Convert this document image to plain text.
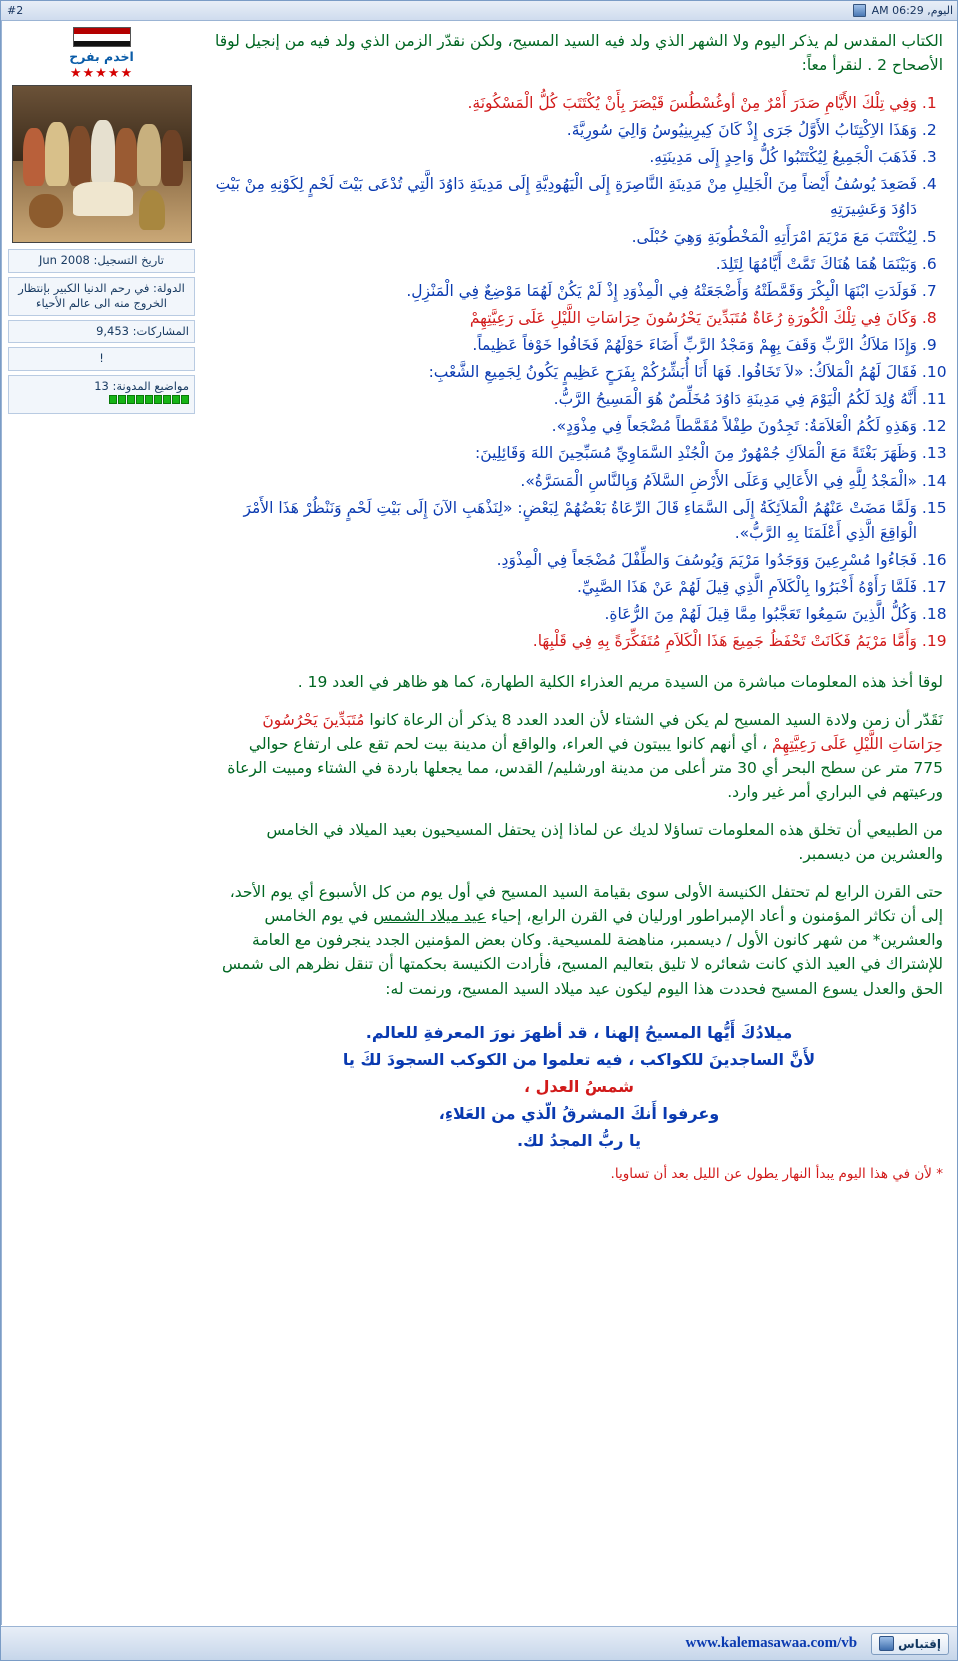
#2	اليوم, 06:29 AM
اخدم بفرح
★★★★★
تاريخ التسجيل: Jun 2008
الدولة: في رحم الدنيا الكبير بإنتظار الخروج منه الى عالم الأحياء
المشاركات: 9,453
!
مواضيع المدونة: 13

الكتاب المقدس لم يذكر اليوم ولا الشهر الذي ولد فيه السيد المسيح، ولكن نقدّر الزمن الذي ولد فيه من إنجيل لوقا الأصحاح 2 . لنقرأ معاً:

1. وَفِي تِلْكَ الأَيَّامِ صَدَرَ أَمْرٌ مِنْ أوغُسْطُسَ قَيْصَرَ بِأَنْ يُكْتَتَبَ كُلُّ الْمَسْكُونَةِ.
2. وَهَذَا الاِكْتِتَابُ الأَوَّلُ جَرَى إِذْ كَانَ كِيرِينِيُوسُ وَالِيَ سُورِيَّةَ.
3. فَذَهَبَ الْجَمِيعُ لِيُكْتَتَبُوا كُلُّ وَاحِدٍ إِلَى مَدِينَتِهِ.
4. فَصَعِدَ يُوسُفُ أَيْضاً مِنَ الْجَلِيلِ مِنْ مَدِينَةِ النَّاصِرَةِ إِلَى الْيَهُودِيَّةِ إِلَى مَدِينَةِ دَاوُدَ الَّتِي تُدْعَى بَيْتَ لَحْمٍ لِكَوْنِهِ مِنْ بَيْتِ دَاوُدَ وَعَشِيرَتِهِ
5. لِيُكْتَتَبَ مَعَ مَرْيَمَ امْرَأَتِهِ الْمَخْطُوبَةِ وَهِيَ حُبْلَى.
6. وَبَيْنَمَا هُمَا هُنَاكَ تَمَّتْ أَيَّامُهَا لِتَلِدَ.
7. فَوَلَدَتِ ابْنَهَا الْبِكْرَ وَقَمَّطَتْهُ وَأَضْجَعَتْهُ فِي الْمِذْوَدِ إِذْ لَمْ يَكُنْ لَهُمَا مَوْضِعٌ فِي الْمَنْزِلِ.
8. وَكَانَ فِي تِلْكَ الْكُورَةِ رُعَاةٌ مُتَبَدِّينَ يَحْرُسُونَ حِرَاسَاتِ اللَّيْلِ عَلَى رَعِيَّتِهِمْ
9. وَإِذَا مَلاَكُ الرَّبِّ وَقَفَ بِهِمْ وَمَجْدُ الرَّبِّ أَضَاءَ حَوْلَهُمْ فَخَافُوا خَوْفاً عَظِيماً.
10. فَقَالَ لَهُمُ الْمَلاَكُ: «لاَ تَخَافُوا. فَهَا أَنَا أُبَشِّرُكُمْ بِفَرَحٍ عَظِيمٍ يَكُونُ لِجَمِيعِ الشَّعْبِ:
11. أَنَّهُ وُلِدَ لَكُمُ الْيَوْمَ فِي مَدِينَةِ دَاوُدَ مُخَلِّصٌ هُوَ الْمَسِيحُ الرَّبُّ.
12. وَهَذِهِ لَكُمُ الْعَلاَمَةُ: تَجِدُونَ طِفْلاً مُقَمَّطاً مُضْجَعاً فِي مِذْوَدٍ».
13. وَظَهَرَ بَغْتَةً مَعَ الْمَلاَكِ جُمْهُورٌ مِنَ الْجُنْدِ السَّمَاوِيِّ مُسَبِّحِينَ اللهَ وَقَائِلِينَ:
14. «الْمَجْدُ لِلَّهِ فِي الأَعَالِي وَعَلَى الأَرْضِ السَّلاَمُ وَبِالنَّاسِ الْمَسَرَّةُ».
15. وَلَمَّا مَضَتْ عَنْهُمُ الْمَلاَئِكَةُ إِلَى السَّمَاءِ قَالَ الرِّعَاةُ بَعْضُهُمْ لِبَعْضٍ: «لِنَذْهَبِ الآنَ إِلَى بَيْتِ لَحْمٍ وَنَنْظُرْ هَذَا الأَمْرَ الْوَاقِعَ الَّذِي أَعْلَمَنَا بِهِ الرَّبُّ».
16. فَجَاءُوا مُسْرِعِينَ وَوَجَدُوا مَرْيَمَ وَيُوسُفَ وَالطِّفْلَ مُضْجَعاً فِي الْمِذْوَدِ.
17. فَلَمَّا رَأَوْهُ أَخْبَرُوا بِالْكَلاَمِ الَّذِي قِيلَ لَهُمْ عَنْ هَذَا الصَّبِيِّ.
18. وَكُلُّ الَّذِينَ سَمِعُوا تَعَجَّبُوا مِمَّا قِيلَ لَهُمْ مِنَ الرُّعَاةِ.
19. وَأَمَّا مَرْيَمُ فَكَانَتْ تَحْفَظُ جَمِيعَ هَذَا الْكَلاَمِ مُتَفَكِّرَةً بِهِ فِي قَلْبِهَا.

لوقا أخذ هذه المعلومات مباشرة من السيدة مريم العذراء الكلية الطهارة، كما هو ظاهر في العدد 19 .

نَقَدّر أن زمن ولادة السيد المسيح لم يكن في الشتاء لأن العدد العدد 8 يذكر أن الرعاة كانوا مُتَبَدِّينَ يَحْرُسُونَ حِرَاسَاتِ اللَّيْلِ عَلَى رَعِيَّتِهِمْ ، أي أنهم كانوا يبيتون في العراء، والواقع أن مدينة بيت لحم تقع على ارتفاع حوالي 775 متر عن سطح البحر أي 30 متر أعلى من مدينة اورشليم/ القدس، مما يجعلها باردة في الشتاء ومبيت الرعاة ورعيتهم في البراري أمر غير وارد.

من الطبيعي أن تخلق هذه المعلومات تساؤلا لديك عن لماذا إذن يحتفل المسيحيون بعيد الميلاد في الخامس والعشرين من ديسمبر.

حتى القرن الرابع لم تحتفل الكنيسة الأولى سوى بقيامة السيد المسيح في أول يوم من كل الأسبوع أي يوم الأحد، إلى أن تكاثر المؤمنون و أعاد الإمبراطور اورليان في القرن الرابع، إحياء عيد ميلاد الشمس في يوم الخامس والعشرين* من شهر كانون الأول / ديسمبر، مناهضة للمسيحية. وكان بعض المؤمنين الجدد ينجرفون مع العامة للإشتراك في العيد الذي كانت شعائره لا تليق بتعاليم المسيح، فأرادت الكنيسة بحكمتها أن تنقل نظرهم الى شمس الحق والعدل يسوع المسيح فحددت هذا اليوم ليكون عيد ميلاد السيد المسيح، ورنمت له:

ميلادُكَ أَيُّها المسيحُ إلهنا ، قد أظهرَ نورَ المعرفةِ للعالم.
لأَنَّ الساجدينَ للكواكب ، فيه تعلموا من الكوكب السجودَ لكَ يا
شمسُ العدل ،
وعرفوا أَنكَ المشرقُ الّذي من العَلاءِ،
يا ربُّ المجدُ لك.

* لأن في هذا اليوم يبدأ النهار يطول عن الليل بعد أن تساويا.

www.kalemasawaa.com/vb	إقتباس
